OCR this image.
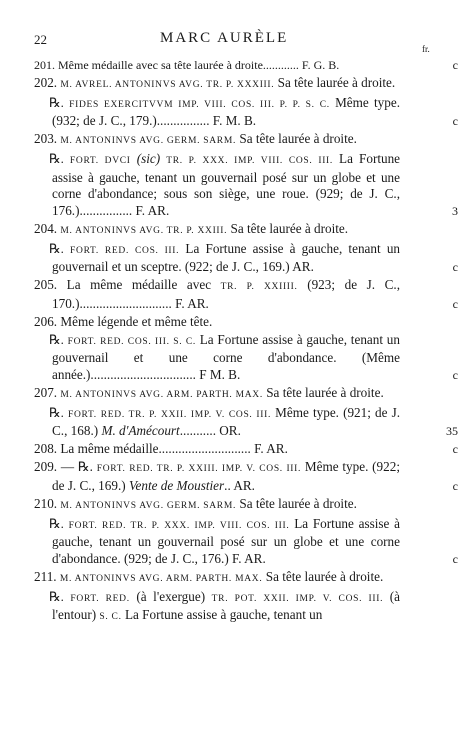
22	MARC AURÈLE
fr.
201. Même médaille avec sa tête laurée à droite............ F. G. B.	c
202. M. AVREL. ANTONINVS AVG. TR. P. XXXIII. Sa tête laurée à droite.
℞. FIDES EXERCITVVM IMP. VIII. COS. III. P. P. S. C. Même type. (932; de J. C., 179.)................ F. M. B.	c
203. M. ANTONINVS AVG. GERM. SARM. Sa tête laurée à droite.
℞. FORT. DVCI (sic) TR. P. XXX. IMP. VIII. COS. III. La Fortune assise à gauche, tenant un gouvernail posé sur un globe et une corne d'abondance; sous son siège, une roue. (929; de J. C., 176.)................ F. AR.	3
204. M. ANTONINVS AVG. TR. P. XXIII. Sa tête laurée à droite.
℞. FORT. RED. COS. III. La Fortune assise à gauche, tenant un gouvernail et un sceptre. (922; de J. C., 169.) AR.	c
205. La même médaille avec TR. P. XXIIII. (923; de J. C., 170.)............................ F. AR.	c
206. Même légende et même tête.
℞. FORT. RED. COS. III. S. C. La Fortune assise à gauche, tenant un gouvernail et une corne d'abondance. (Même année.)................................ F M. B.	c
207. M. ANTONINVS AVG. ARM. PARTH. MAX. Sa tête laurée à droite.
℞. FORT. RED. TR. P. XXII. IMP. V. COS. III. Même type. (921; de J. C., 168.) M. d'Amécourt........... OR.	35
208. La même médaille............................ F. AR.	c
209. — ℞. FORT. RED. TR. P. XXIII. IMP. V. COS. III. Même type. (922; de J. C., 169.) Vente de Moustier.. AR.	c
210. M. ANTONINVS AVG. GERM. SARM. Sa tête laurée à droite.
℞. FORT. RED. TR. P. XXX. IMP. VIII. COS. III. La Fortune assise à gauche, tenant un gouvernail posé sur un globe et une corne d'abondance. (929; de J. C., 176.) F. AR.	c
211. M. ANTONINVS AVG. ARM. PARTH. MAX. Sa tête laurée à droite.
℞. FORT. RED. (à l'exergue) TR. POT. XXII. IMP. V. COS. III. (à l'entour) S. C. La Fortune assise à gauche, tenant un
